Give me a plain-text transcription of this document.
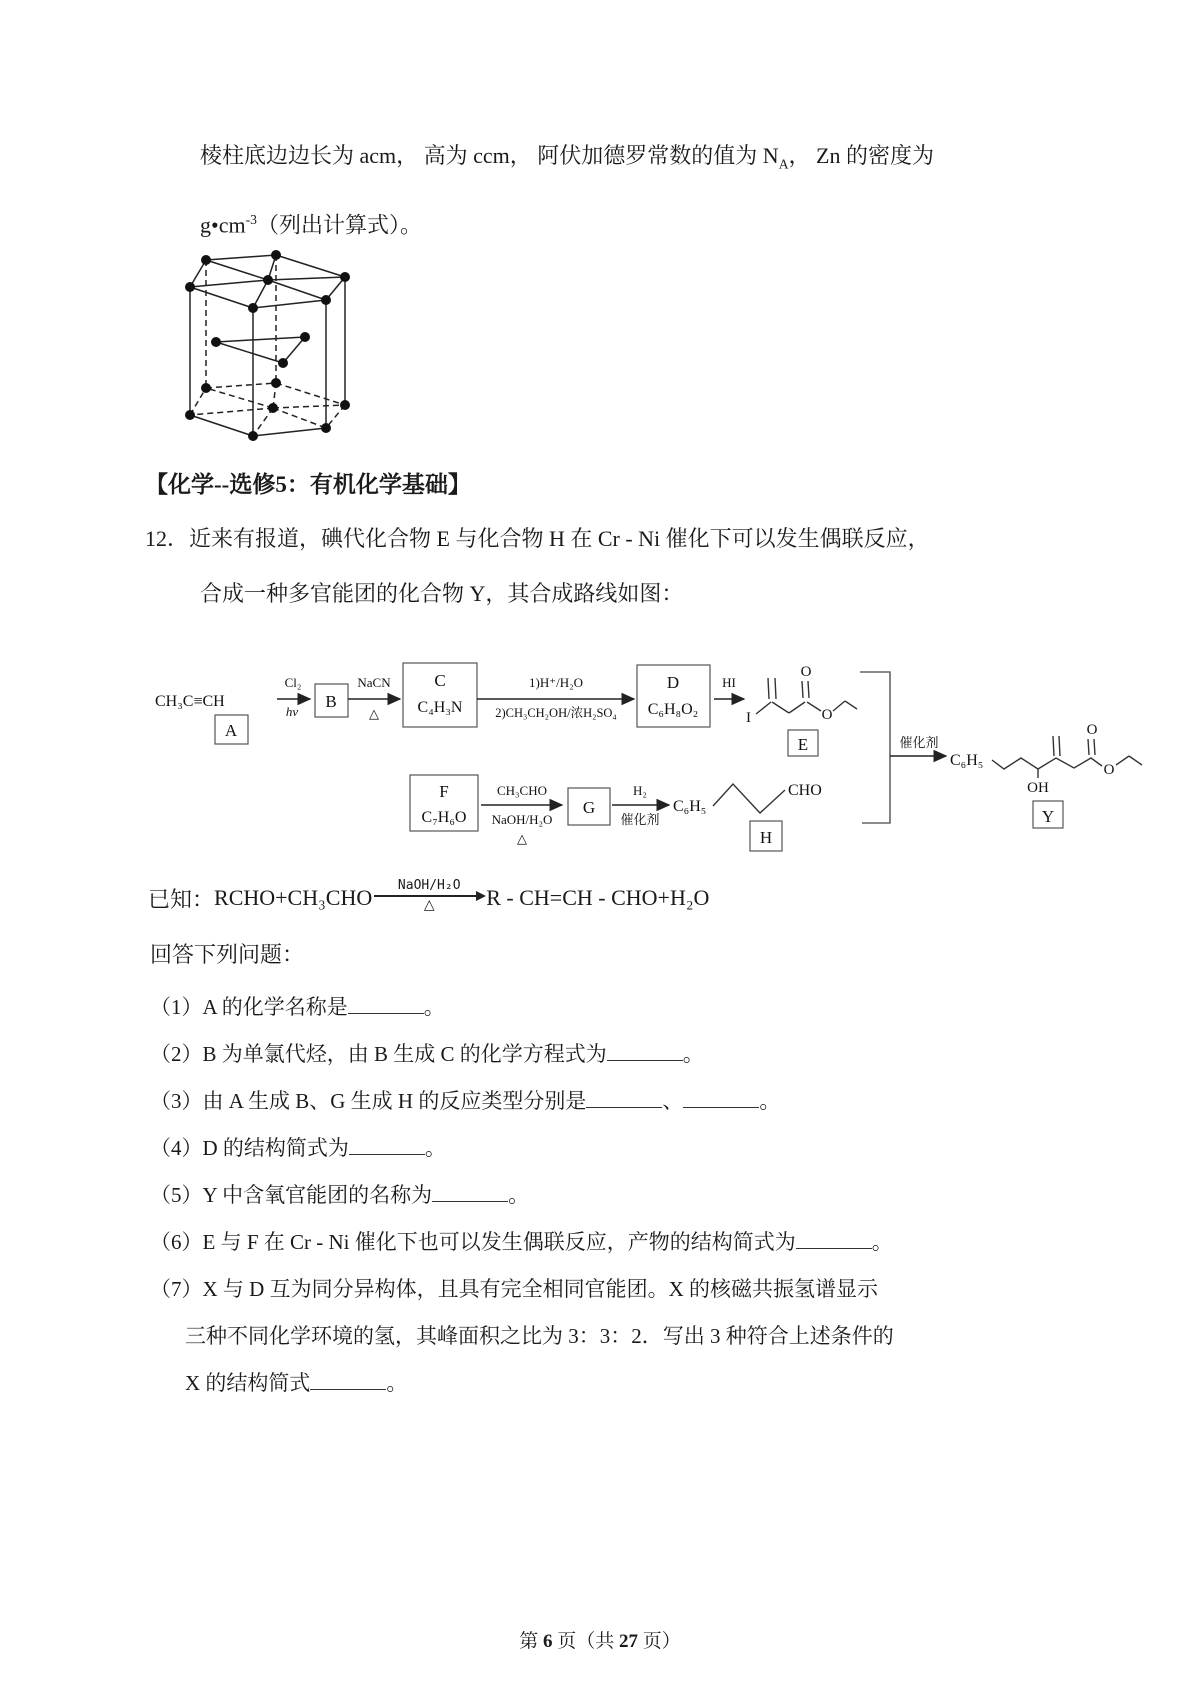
棱柱底边边长为 acm， 高为 ccm， 阿伏加德罗常数的值为 $N_A$， Zn 的密度为
$g•cm^{-3}$（列出计算式）。
【化学--选修5：有机化学基础】
12．近来有报道，碘代化合物 E 与化合物 H 在 Cr - Ni 催化下可以发生偶联反应，
合成一种多官能团的化合物 Y，其合成路线如图：
CH₃C≡CH
A
Cl₂
hv
B
NaCN
△
C
C₄H₃N
1)H⁺/H₂O
2)CH₃CH₂OH/浓H₂SO₄
D
C₆H₈O₂
HI
I
O
O
E	催化剂
C₆H₅
OH
O
O
Y
F
C₇H₆O
CH₃CHO
NaOH/H₂O
△
G
H₂
催化剂
C₆H₅
CHO
H
已知： RCHO+CH₃CHO NaOH/H₂O
△ R - CH=CH - CHO+H₂O
回答下列问题：
（1）A 的化学名称是	。
（2）B 为单氯代烃，由 B 生成 C 的化学方程式为	。
（3）由 A 生成 B、G 生成 H 的反应类型分别是	、	。
（4）D 的结构简式为	。
（5）Y 中含氧官能团的名称为	。
（6）E 与 F 在 Cr - Ni 催化下也可以发生偶联反应，产物的结构简式为	。
（7）X 与 D 互为同分异构体，且具有完全相同官能团。X 的核磁共振氢谱显示
三种不同化学环境的氢，其峰面积之比为 3：3：2．写出 3 种符合上述条件的
X 的结构简式	。
第 6 页（共 27 页）
